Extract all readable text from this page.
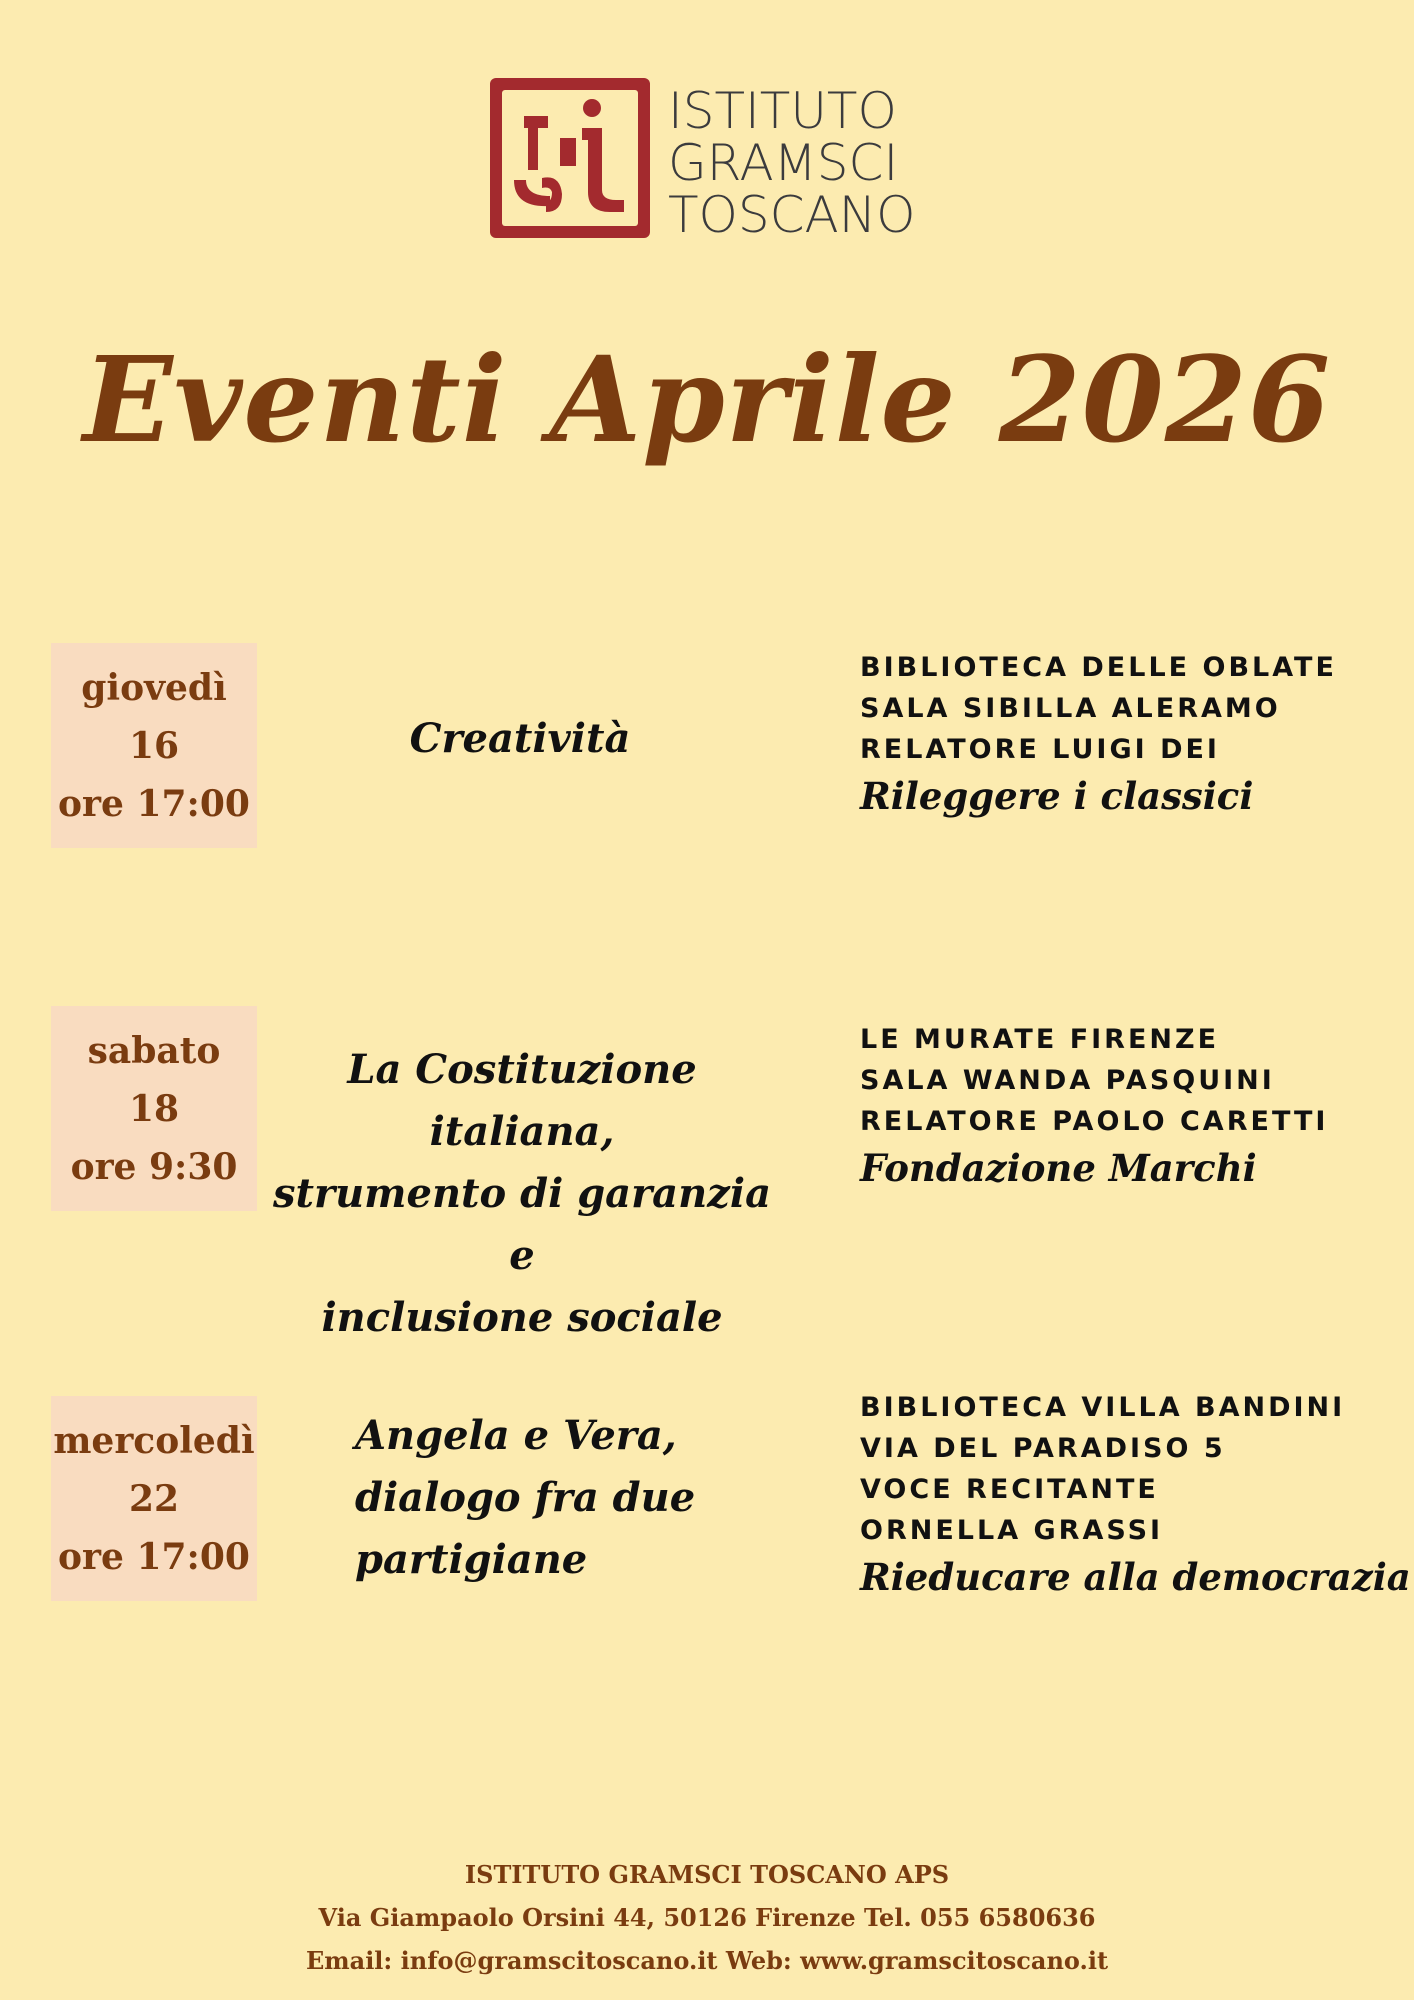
ISTITUTO
GRAMSCI
TOSCANO
Eventi Aprile 2026
giovedì
16
ore 17:00
Creatività
BIBLIOTECA DELLE OBLATE
SALA SIBILLA ALERAMO
RELATORE LUIGI DEI
Rileggere i classici
sabato
18
ore 9:30
La Costituzione italiana,
strumento di garanzia e
inclusione sociale
LE MURATE FIRENZE
SALA WANDA PASQUINI
RELATORE PAOLO CARETTI
Fondazione Marchi
mercoledì
22
ore 17:00
Angela e Vera,
dialogo fra due
partigiane
BIBLIOTECA VILLA BANDINI
VIA DEL PARADISO 5
VOCE RECITANTE
ORNELLA GRASSI
Rieducare alla democrazia
ISTITUTO GRAMSCI TOSCANO APS
Via Giampaolo Orsini 44, 50126 Firenze Tel. 055 6580636
Email: info@gramscitoscano.it Web: www.gramscitoscano.it
